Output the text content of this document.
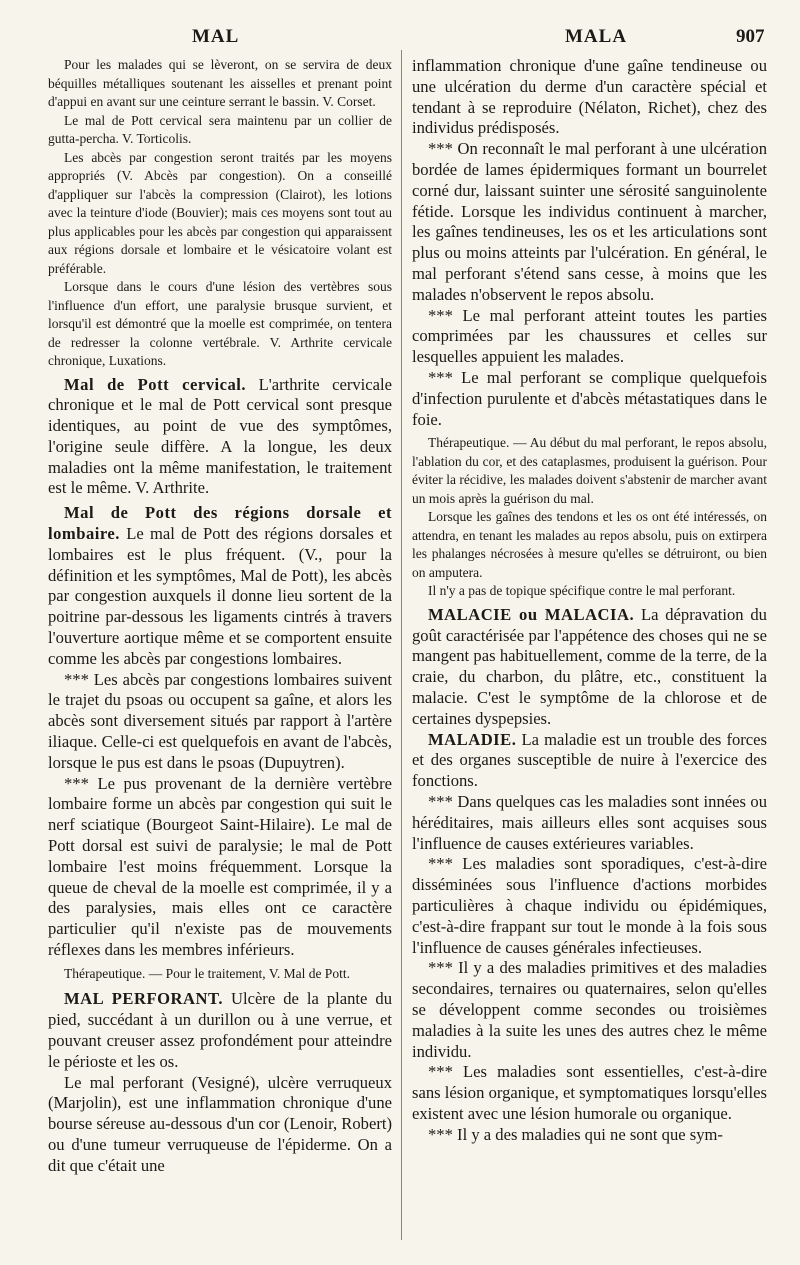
MAL	MALA	907

Pour les malades qui se lèveront, on se servira de deux béquilles métalliques soutenant les aisselles et prenant point d'appui en avant sur une ceinture serrant le bassin. V. Corset.

Le mal de Pott cervical sera maintenu par un collier de gutta-percha. V. Torticolis.

Les abcès par congestion seront traités par les moyens appropriés (V. Abcès par congestion). On a conseillé d'appliquer sur l'abcès la compression (Clairot), les lotions avec la teinture d'iode (Bouvier); mais ces moyens sont tout au plus applicables pour les abcès par congestion qui apparaissent aux régions dorsale et lombaire et le vésicatoire volant est préférable.

Lorsque dans le cours d'une lésion des vertèbres sous l'influence d'un effort, une paralysie brusque survient, et lorsqu'il est démontré que la moelle est comprimée, on tentera de redresser la colonne vertébrale. V. Arthrite cervicale chronique, Luxations.

Mal de Pott cervical. L'arthrite cervicale chronique et le mal de Pott cervical sont presque identiques, au point de vue des symptômes, l'origine seule diffère. A la longue, les deux maladies ont la même manifestation, le traitement est le même. V. Arthrite.

Mal de Pott des régions dorsale et lombaire. Le mal de Pott des régions dorsales et lombaires est le plus fréquent. (V., pour la définition et les symptômes, Mal de Pott), les abcès par congestion auxquels il donne lieu sortent de la poitrine par-dessous les ligaments cintrés à travers l'ouverture aortique même et se comportent ensuite comme les abcès par congestions lombaires.

*** Les abcès par congestions lombaires suivent le trajet du psoas ou occupent sa gaîne, et alors les abcès sont diversement situés par rapport à l'artère iliaque. Celle-ci est quelquefois en avant de l'abcès, lorsque le pus est dans le psoas (Dupuytren).

*** Le pus provenant de la dernière vertèbre lombaire forme un abcès par congestion qui suit le nerf sciatique (Bourgeot Saint-Hilaire). Le mal de Pott dorsal est suivi de paralysie; le mal de Pott lombaire l'est moins fréquemment. Lorsque la queue de cheval de la moelle est comprimée, il y a des paralysies, mais elles ont ce caractère particulier qu'il n'existe pas de mouvements réflexes dans les membres inférieurs.

Thérapeutique. — Pour le traitement, V. Mal de Pott.

MAL PERFORANT. Ulcère de la plante du pied, succédant à un durillon ou à une verrue, et pouvant creuser assez profondément pour atteindre le périoste et les os.

Le mal perforant (Vesigné), ulcère verruqueux (Marjolin), est une inflammation chronique d'une bourse séreuse au-dessous d'un cor (Lenoir, Robert) ou d'une tumeur verruqueuse de l'épiderme. On a dit que c'était une

inflammation chronique d'une gaîne tendineuse ou une ulcération du derme d'un caractère spécial et tendant à se reproduire (Nélaton, Richet), chez des individus prédisposés.

*** On reconnaît le mal perforant à une ulcération bordée de lames épidermiques formant un bourrelet corné dur, laissant suinter une sérosité sanguinolente fétide. Lorsque les individus continuent à marcher, les gaînes tendineuses, les os et les articulations sont plus ou moins atteints par l'ulcération. En général, le mal perforant s'étend sans cesse, à moins que les malades n'observent le repos absolu.

*** Le mal perforant atteint toutes les parties comprimées par les chaussures et celles sur lesquelles appuient les malades.

*** Le mal perforant se complique quelquefois d'infection purulente et d'abcès métastatiques dans le foie.

Thérapeutique. — Au début du mal perforant, le repos absolu, l'ablation du cor, et des cataplasmes, produisent la guérison. Pour éviter la récidive, les malades doivent s'abstenir de marcher avant un mois après la guérison du mal.

Lorsque les gaînes des tendons et les os ont été intéressés, on attendra, en tenant les malades au repos absolu, puis on extirpera les phalanges nécrosées à mesure qu'elles se détruiront, ou bien on amputera.

Il n'y a pas de topique spécifique contre le mal perforant.

MALACIE ou MALACIA. La dépravation du goût caractérisée par l'appétence des choses qui ne se mangent pas habituellement, comme de la terre, de la craie, du charbon, du plâtre, etc., constituent la malacie. C'est le symptôme de la chlorose et de certaines dyspepsies.

MALADIE. La maladie est un trouble des forces et des organes susceptible de nuire à l'exercice des fonctions.

*** Dans quelques cas les maladies sont innées ou héréditaires, mais ailleurs elles sont acquises sous l'influence de causes extérieures variables.

*** Les maladies sont sporadiques, c'est-à-dire disséminées sous l'influence d'actions morbides particulières à chaque individu ou épidémiques, c'est-à-dire frappant sur tout le monde à la fois sous l'influence de causes générales infectieuses.

*** Il y a des maladies primitives et des maladies secondaires, ternaires ou quaternaires, selon qu'elles se développent comme secondes ou troisièmes maladies à la suite les unes des autres chez le même individu.

*** Les maladies sont essentielles, c'est-à-dire sans lésion organique, et symptomatiques lorsqu'elles existent avec une lésion humorale ou organique.

*** Il y a des maladies qui ne sont que sym-
